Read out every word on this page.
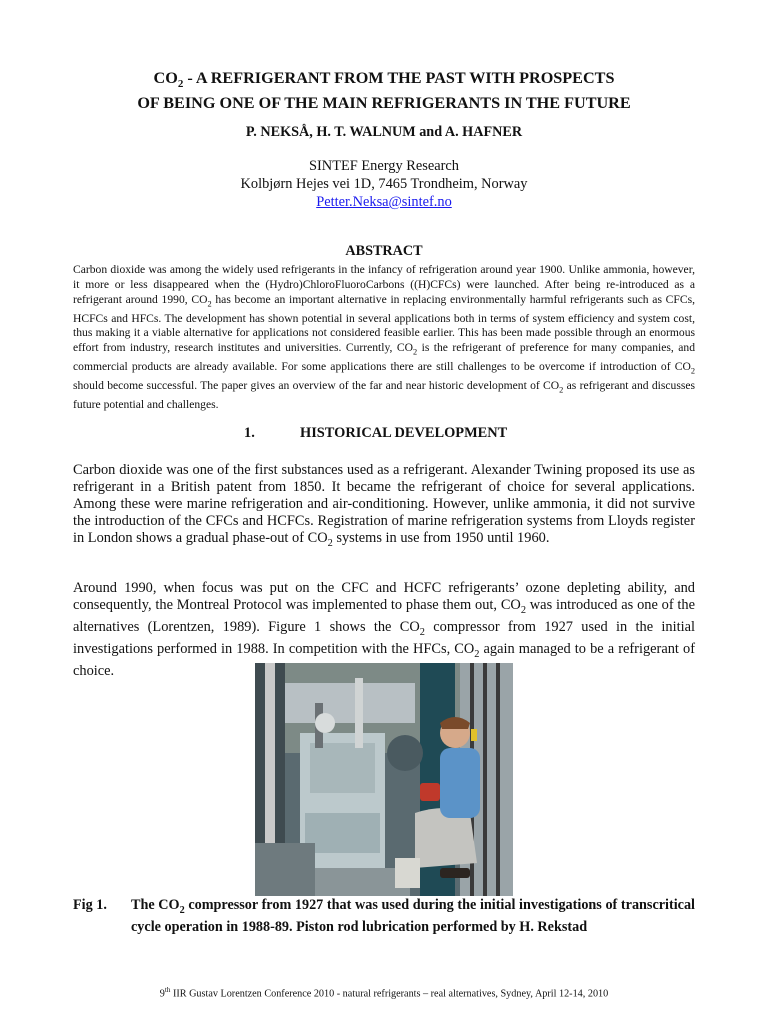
$CO_2$ - A REFRIGERANT FROM THE PAST WITH PROSPECTS
OF BEING ONE OF THE MAIN REFRIGERANTS IN THE FUTURE
P. NEKSÅ, H. T. WALNUM and A. HAFNER
SINTEF Energy Research
Kolbjørn Hejes vei 1D, 7465 Trondheim, Norway
Petter.Neksa@sintef.no
ABSTRACT
Carbon dioxide was among the widely used refrigerants in the infancy of refrigeration around year 1900. Unlike ammonia, however, it more or less disappeared when the (Hydro)ChloroFluoroCarbons ((H)CFCs) were launched. After being re-introduced as a refrigerant around 1990, $CO_2$ has become an important alternative in replacing environmentally harmful refrigerants such as CFCs, HCFCs and HFCs. The development has shown potential in several applications both in terms of system efficiency and system cost, thus making it a viable alternative for applications not considered feasible earlier. This has been made possible through an enormous effort from industry, research institutes and universities. Currently, $CO_2$ is the refrigerant of preference for many companies, and commercial products are already available. For some applications there are still challenges to be overcome if introduction of $CO_2$ should become successful. The paper gives an overview of the far and near historic development of $CO_2$ as refrigerant and discusses future potential and challenges.
1.	HISTORICAL DEVELOPMENT
Carbon dioxide was one of the first substances used as a refrigerant. Alexander Twining proposed its use as refrigerant in a British patent from 1850. It became the refrigerant of choice for several applications. Among these were marine refrigeration and air-conditioning. However, unlike ammonia, it did not survive the introduction of the CFCs and HCFCs. Registration of marine refrigeration systems from Lloyds register in London shows a gradual phase-out of $CO_2$ systems in use from 1950 until 1960.
Around 1990, when focus was put on the CFC and HCFC refrigerants’ ozone depleting ability, and consequently, the Montreal Protocol was implemented to phase them out, $CO_2$ was introduced as one of the alternatives (Lorentzen, 1989). Figure 1 shows the $CO_2$ compressor from 1927 used in the initial investigations performed in 1988. In competition with the HFCs, $CO_2$ again managed to be a refrigerant of choice.
Fig 1. The $CO_2$ compressor from 1927 that was used during the initial investigations of transcritical cycle operation in 1988-89. Piston rod lubrication performed by H. Rekstad
9th IIR Gustav Lorentzen Conference 2010 - natural refrigerants – real alternatives, Sydney, April 12-14, 2010
